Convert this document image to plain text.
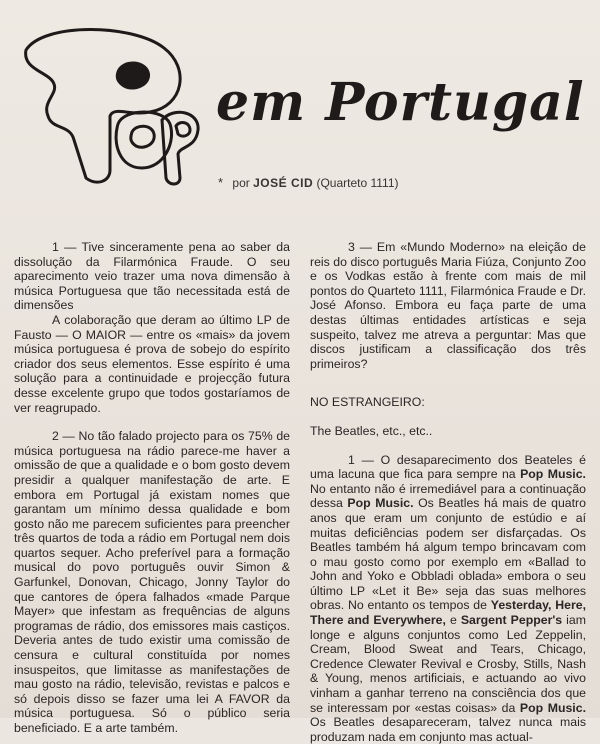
em Portugal
* por JOSÉ CID (Quarteto 1111)

1 — Tive sinceramente pena ao saber da dissolução da Filarmónica Fraude. O seu aparecimento veio trazer uma nova dimensão à música Portuguesa que tão necessitada está de dimensões

A colaboração que deram ao último LP de Fausto — O MAIOR — entre os «mais» da jovem música portuguesa é prova de sobejo do espírito criador dos seus elementos. Esse espírito é uma solução para a continuidade e projecção futura desse excelente grupo que todos gostaríamos de ver reagrupado.

2 — No tão falado projecto para os 75% de música portuguesa na rádio parece-me haver a omissão de que a qualidade e o bom gosto devem presidir a qualquer manifestação de arte. E embora em Portugal já existam nomes que garantam um mínimo dessa qualidade e bom gosto não me parecem suficientes para preencher três quartos de toda a rádio em Portugal nem dois quartos sequer. Acho preferível para a formação musical do povo português ouvir Simon & Garfunkel, Donovan, Chicago, Jonny Taylor do que cantores de ópera falhados «made Parque Mayer» que infestam as frequências de alguns programas de rádio, dos emissores mais castiços. Deveria antes de tudo existir uma comissão de censura e cultural constituída por nomes insuspeitos, que limitasse as manifestações de mau gosto na rádio, televisão, revistas e palcos e só depois disso se fazer uma lei A FAVOR da música portuguesa. Só o público seria beneficiado. E a arte também.

3 — Em «Mundo Moderno» na eleição de reis do disco português Maria Fiúza, Conjunto Zoo e os Vodkas estão à frente com mais de mil pontos do Quarteto 1111, Filarmónica Fraude e Dr. José Afonso. Embora eu faça parte de uma destas últimas entidades artísticas e seja suspeito, talvez me atreva a perguntar: Mas que discos justificam a classificação dos três primeiros?

NO ESTRANGEIRO:

The Beatles, etc., etc..

1 — O desaparecimento dos Beateles é uma lacuna que fica para sempre na Pop Music. No entanto não é irremediável para a continuação dessa Pop Music. Os Beatles há mais de quatro anos que eram um conjunto de estúdio e aí muitas deficiências podem ser disfarçadas. Os Beatles também há algum tempo brincavam com o mau gosto como por exemplo em «Ballad to John and Yoko e Obbladi oblada» embora o seu último LP «Let it Be» seja das suas melhores obras. No entanto os tempos de Yesterday, Here, There and Everywhere, e Sargent Pepper's iam longe e alguns conjuntos como Led Zeppelin, Cream, Blood Sweat and Tears, Chicago, Credence Clewater Revival e Crosby, Stills, Nash & Young, menos artificiais, e actuando ao vivo vinham a ganhar terreno na consciência dos que se interessam por «estas coisas» da Pop Music. Os Beatles desapareceram, talvez nunca mais produzam nada em conjunto mas actual-
